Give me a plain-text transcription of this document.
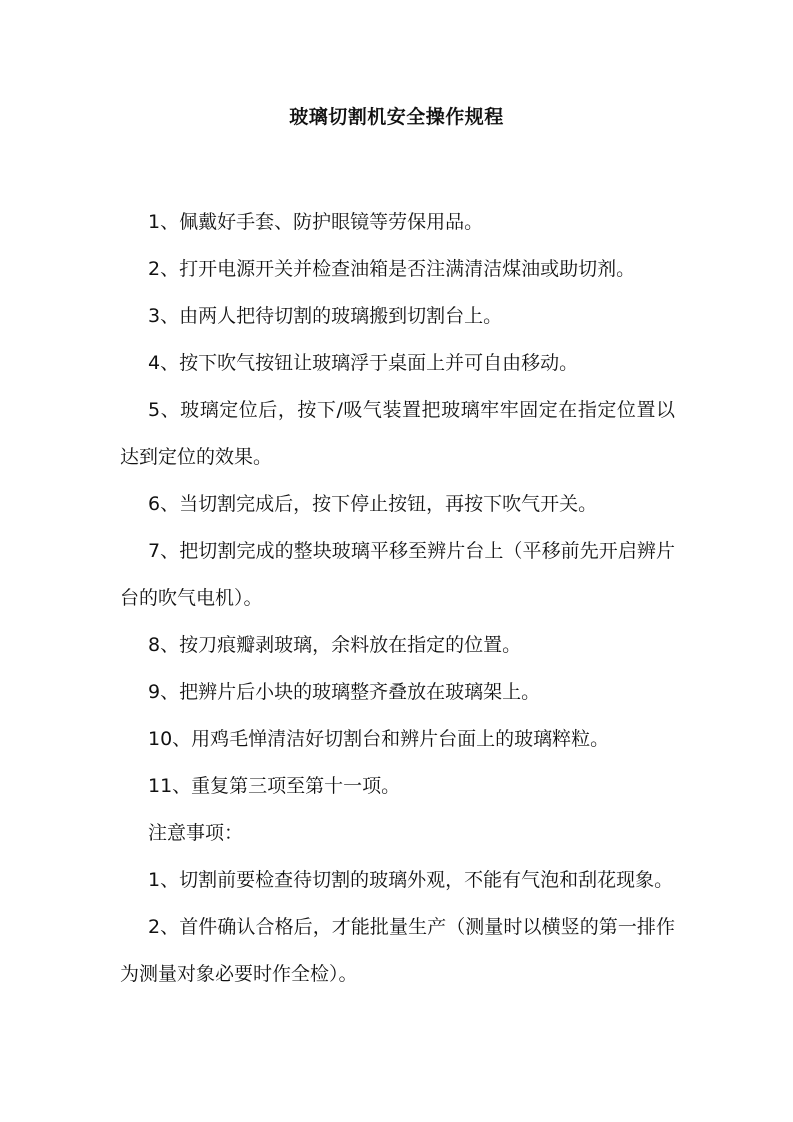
玻璃切割机安全操作规程

1、佩戴好手套、防护眼镜等劳保用品。

2、打开电源开关并检查油箱是否注满清洁煤油或助切剂。

3、由两人把待切割的玻璃搬到切割台上。

4、按下吹气按钮让玻璃浮于桌面上并可自由移动。

5、玻璃定位后，按下/吸气装置把玻璃牢牢固定在指定位置以达到定位的效果。

6、当切割完成后，按下停止按钮，再按下吹气开关。

7、把切割完成的整块玻璃平移至辨片台上（平移前先开启辨片台的吹气电机）。

8、按刀痕瓣剥玻璃，余料放在指定的位置。

9、把辨片后小块的玻璃整齐叠放在玻璃架上。

10、用鸡毛惮清洁好切割台和辨片台面上的玻璃粹粒。

11、重复第三项至第十一项。

注意事项：

1、切割前要检查待切割的玻璃外观，不能有气泡和刮花现象。

2、首件确认合格后，才能批量生产（测量时以横竖的第一排作为测量对象必要时作全检）。
